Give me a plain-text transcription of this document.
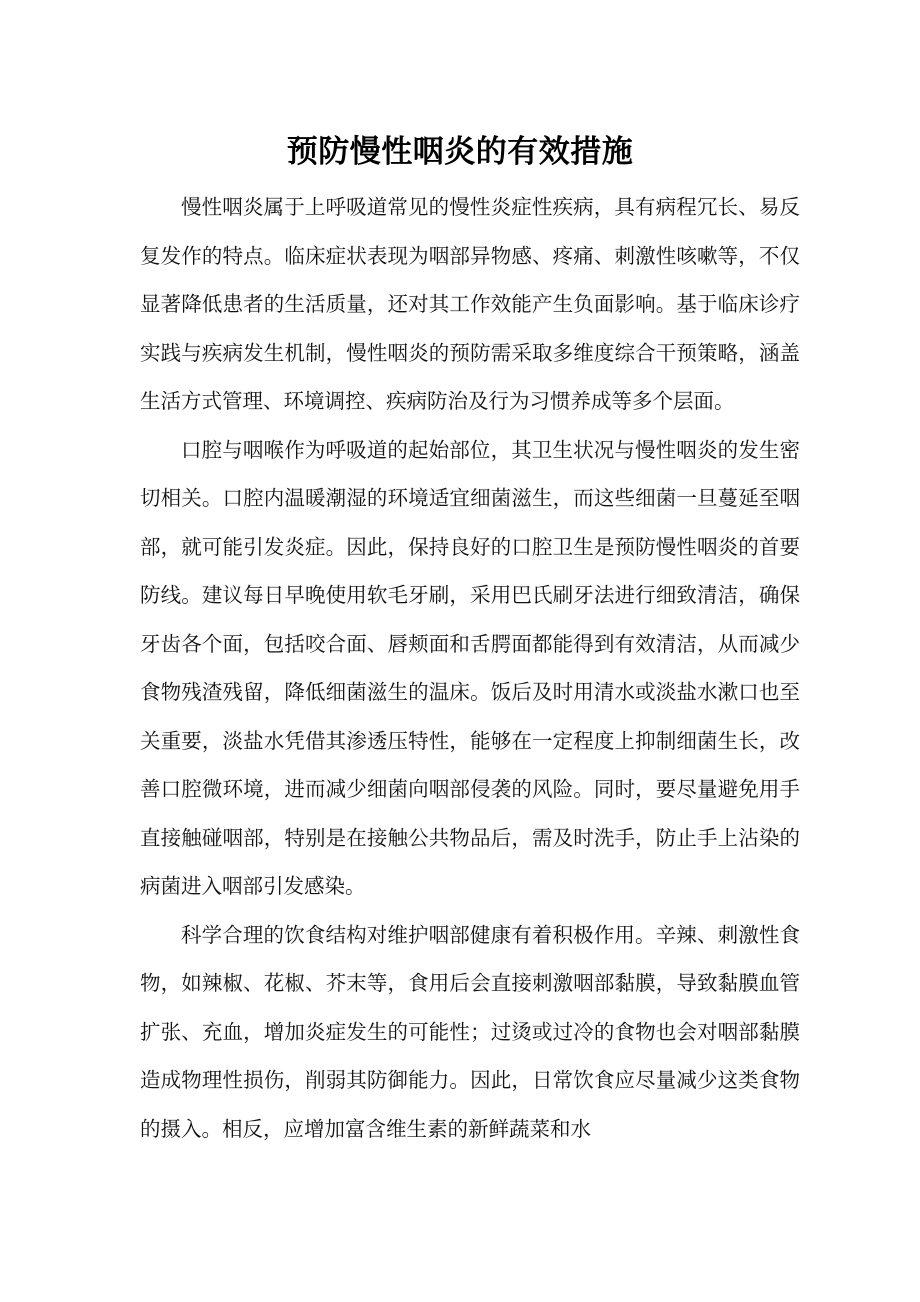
预防慢性咽炎的有效措施

慢性咽炎属于上呼吸道常见的慢性炎症性疾病，具有病程冗长、易反复发作的特点。临床症状表现为咽部异物感、疼痛、刺激性咳嗽等，不仅显著降低患者的生活质量，还对其工作效能产生负面影响。基于临床诊疗实践与疾病发生机制，慢性咽炎的预防需采取多维度综合干预策略，涵盖生活方式管理、环境调控、疾病防治及行为习惯养成等多个层面。

口腔与咽喉作为呼吸道的起始部位，其卫生状况与慢性咽炎的发生密切相关。口腔内温暖潮湿的环境适宜细菌滋生，而这些细菌一旦蔓延至咽部，就可能引发炎症。因此，保持良好的口腔卫生是预防慢性咽炎的首要防线。建议每日早晚使用软毛牙刷，采用巴氏刷牙法进行细致清洁，确保牙齿各个面，包括咬合面、唇颊面和舌腭面都能得到有效清洁，从而减少食物残渣残留，降低细菌滋生的温床。饭后及时用清水或淡盐水漱口也至关重要，淡盐水凭借其渗透压特性，能够在一定程度上抑制细菌生长，改善口腔微环境，进而减少细菌向咽部侵袭的风险。同时，要尽量避免用手直接触碰咽部，特别是在接触公共物品后，需及时洗手，防止手上沾染的病菌进入咽部引发感染。

科学合理的饮食结构对维护咽部健康有着积极作用。辛辣、刺激性食物，如辣椒、花椒、芥末等，食用后会直接刺激咽部黏膜，导致黏膜血管扩张、充血，增加炎症发生的可能性；过烫或过冷的食物也会对咽部黏膜造成物理性损伤，削弱其防御能力。因此，日常饮食应尽量减少这类食物的摄入。相反，应增加富含维生素的新鲜蔬菜和水
